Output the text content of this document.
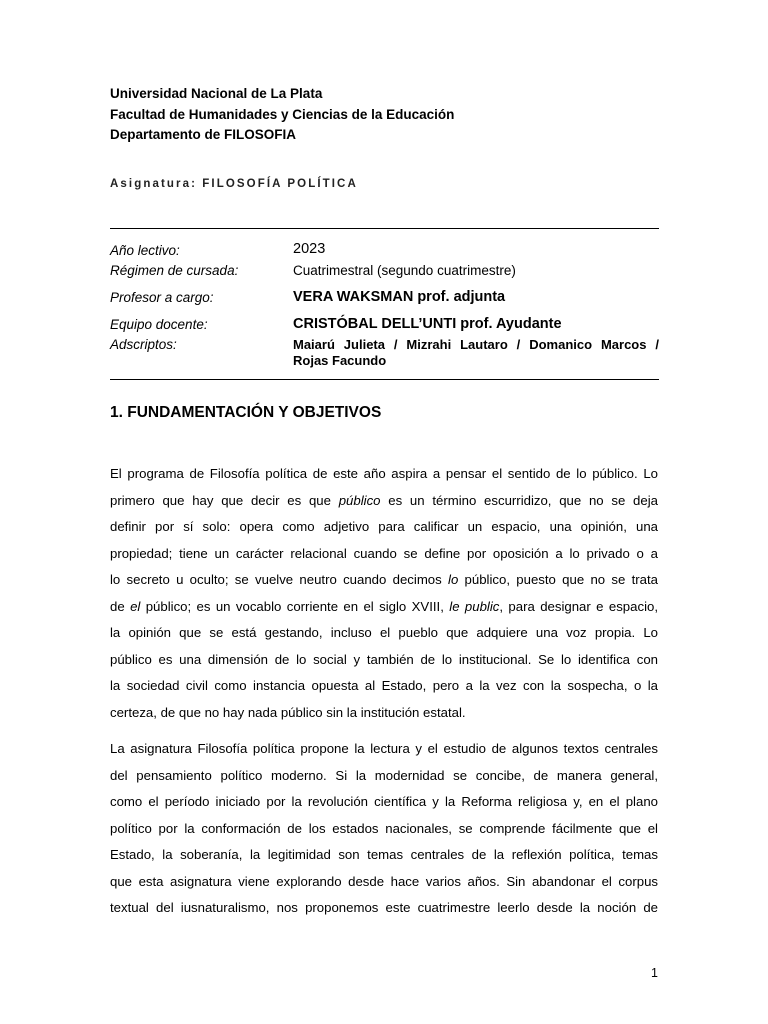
Universidad Nacional de La Plata
Facultad de Humanidades y Ciencias de la Educación
Departamento de FILOSOFIA
Asignatura: FILOSOFÍA POLÍTICA
Año lectivo:	2023
Régimen de cursada:	Cuatrimestral (segundo cuatrimestre)
Profesor a cargo:	VERA WAKSMAN prof. adjunta
Equipo docente:	CRISTÓBAL DELL’UNTI prof. Ayudante
Adscriptos:	Maiarú Julieta / Mizrahi Lautaro / Domanico Marcos /
Rojas Facundo
1. FUNDAMENTACIÓN Y OBJETIVOS
El programa de Filosofía política de este año aspira a pensar el sentido de lo público. Lo
primero que hay que decir es que público es un término escurridizo, que no se deja
definir por sí solo: opera como adjetivo para calificar un espacio, una opinión, una
propiedad; tiene un carácter relacional cuando se define por oposición a lo privado o a
lo secreto u oculto; se vuelve neutro cuando decimos lo público, puesto que no se trata
de el público; es un vocablo corriente en el siglo XVIII, le public, para designar e espacio,
la opinión que se está gestando, incluso el pueblo que adquiere una voz propia. Lo
público es una dimensión de lo social y también de lo institucional. Se lo identifica con
la sociedad civil como instancia opuesta al Estado, pero a la vez con la sospecha, o la
certeza, de que no hay nada público sin la institución estatal.
La asignatura Filosofía política propone la lectura y el estudio de algunos textos centrales
del pensamiento político moderno. Si la modernidad se concibe, de manera general,
como el período iniciado por la revolución científica y la Reforma religiosa y, en el plano
político por la conformación de los estados nacionales, se comprende fácilmente que el
Estado, la soberanía, la legitimidad son temas centrales de la reflexión política, temas
que esta asignatura viene explorando desde hace varios años. Sin abandonar el corpus
textual del iusnaturalismo, nos proponemos este cuatrimestre leerlo desde la noción de
1
